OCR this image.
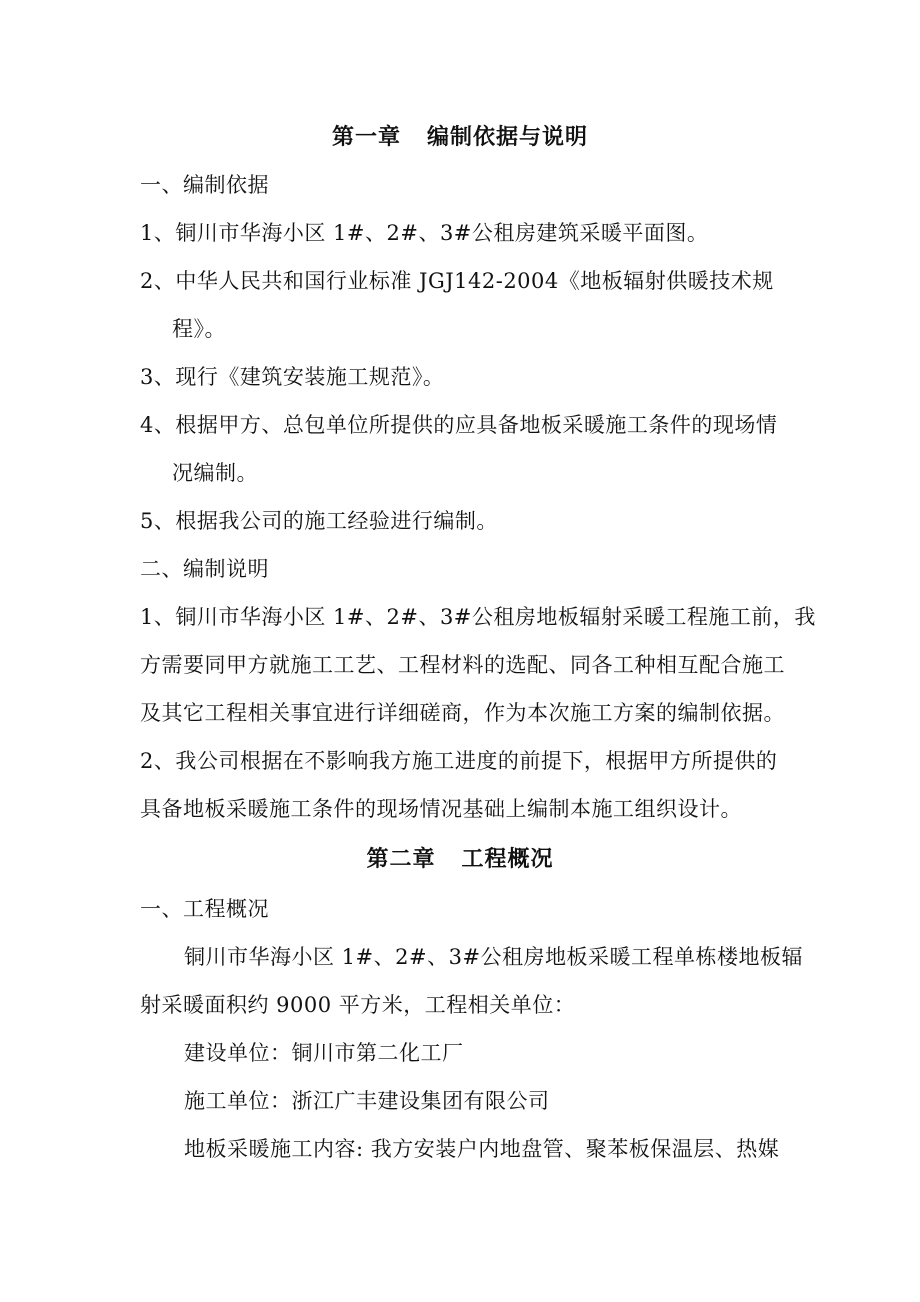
第一章 编制依据与说明
一、编制依据
1、铜川市华海小区 1#、2#、3#公租房建筑采暖平面图。
2、中华人民共和国行业标准 JGJ142-2004《地板辐射供暖技术规
程》。
3、现行《建筑安装施工规范》。
4、根据甲方、总包单位所提供的应具备地板采暖施工条件的现场情
况编制。
5、根据我公司的施工经验进行编制。
二、编制说明
1、铜川市华海小区 1#、2#、3#公租房地板辐射采暖工程施工前，我
方需要同甲方就施工工艺、工程材料的选配、同各工种相互配合施工
及其它工程相关事宜进行详细磋商，作为本次施工方案的编制依据。
2、我公司根据在不影响我方施工进度的前提下，根据甲方所提供的
具备地板采暖施工条件的现场情况基础上编制本施工组织设计。
第二章 工程概况
一、工程概况
铜川市华海小区 1#、2#、3#公租房地板采暖工程单栋楼地板辐
射采暖面积约 9000 平方米，工程相关单位：
建设单位：铜川市第二化工厂
施工单位：浙江广丰建设集团有限公司
地板采暖施工内容: 我方安装户内地盘管、聚苯板保温层、热媒
